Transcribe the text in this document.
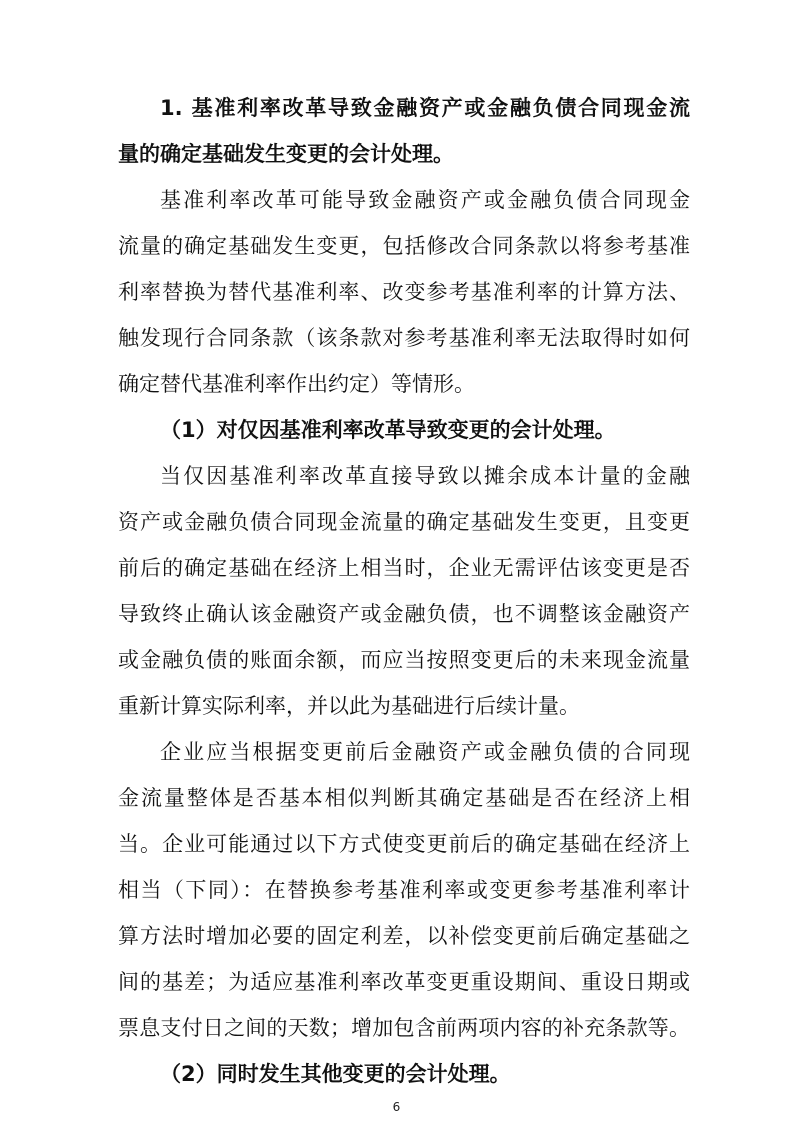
1. 基准利率改革导致金融资产或金融负债合同现金流
量的确定基础发生变更的会计处理。
基准利率改革可能导致金融资产或金融负债合同现金
流量的确定基础发生变更，包括修改合同条款以将参考基准
利率替换为替代基准利率、改变参考基准利率的计算方法、
触发现行合同条款（该条款对参考基准利率无法取得时如何
确定替代基准利率作出约定）等情形。
（1）对仅因基准利率改革导致变更的会计处理。
当仅因基准利率改革直接导致以摊余成本计量的金融
资产或金融负债合同现金流量的确定基础发生变更，且变更
前后的确定基础在经济上相当时，企业无需评估该变更是否
导致终止确认该金融资产或金融负债，也不调整该金融资产
或金融负债的账面余额，而应当按照变更后的未来现金流量
重新计算实际利率，并以此为基础进行后续计量。
企业应当根据变更前后金融资产或金融负债的合同现
金流量整体是否基本相似判断其确定基础是否在经济上相
当。企业可能通过以下方式使变更前后的确定基础在经济上
相当（下同）：在替换参考基准利率或变更参考基准利率计
算方法时增加必要的固定利差，以补偿变更前后确定基础之
间的基差；为适应基准利率改革变更重设期间、重设日期或
票息支付日之间的天数；增加包含前两项内容的补充条款等。
（2）同时发生其他变更的会计处理。
6
